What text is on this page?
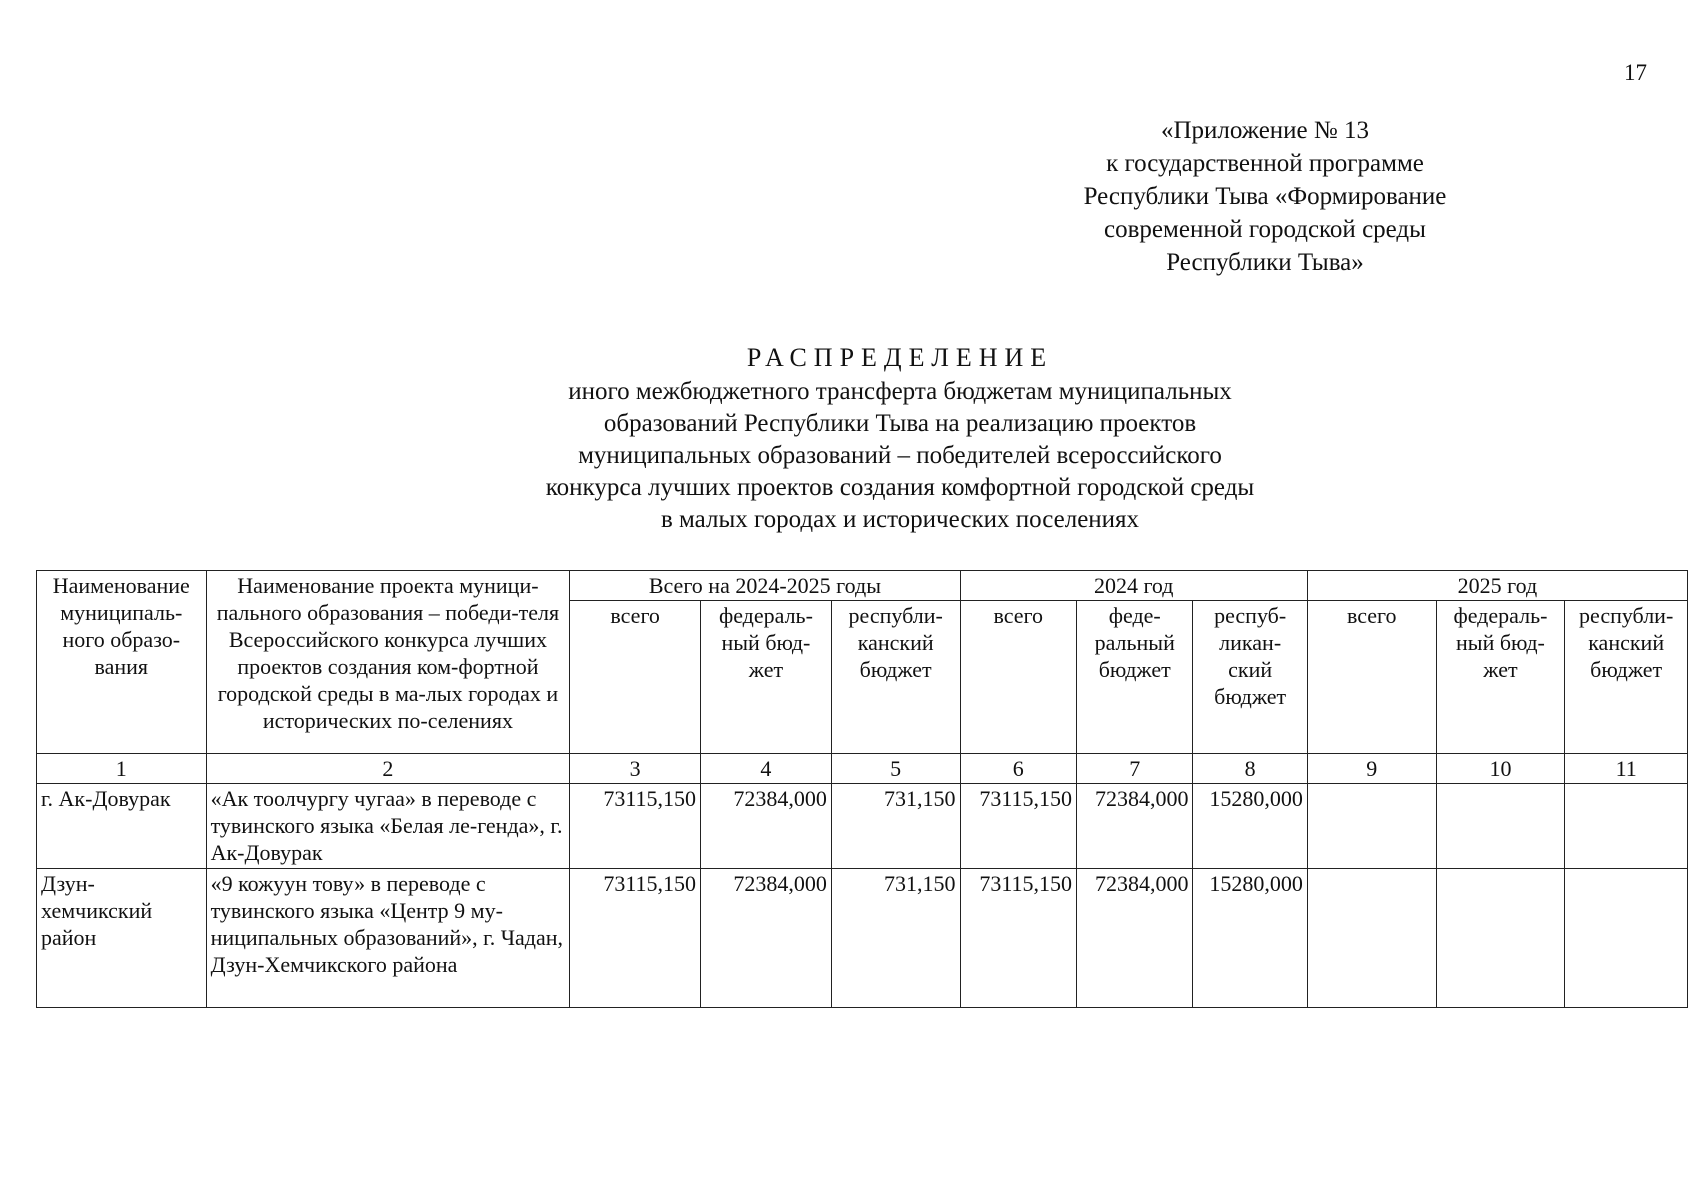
17
«Приложение № 13
к государственной программе
Республики Тыва «Формирование
современной городской среды
Республики Тыва»
РАСПРЕДЕЛЕНИЕ
иного межбюджетного трансферта бюджетам муниципальных
образований Республики Тыва на реализацию проектов
муниципальных образований – победителей всероссийского
конкурса лучших проектов создания комфортной городской среды
в малых городах и исторических поселениях
Наименование муниципаль-ного образо-вания	Наименование проекта муници-пального образования – победи-теля Всероссийского конкурса лучших проектов создания ком-фортной городской среды в ма-лых городах и исторических по-селениях	Всего на 2024-2025 годы			2024 год			2025 год		
		всего	федераль-ный бюд-жет	республи-канский бюджет	всего	феде-ральный бюджет	респуб-ликан-ский бюджет	всего	федераль-ный бюд-жет	республи-канский бюджет
1	2	3	4	5	6	7	8	9	10	11
г. Ак-Довурак	«Ак тоолчургу чугаа» в переводе с тувинского языка «Белая ле-генда», г. Ак-Довурак	73115,150	72384,000	731,150	73115,150	72384,000	15280,000			
Дзун-хемчикский район	«9 кожуун тову» в переводе с тувинского языка «Центр 9 му-ниципальных образований», г. Чадан, Дзун-Хемчикского района	73115,150	72384,000	731,150	73115,150	72384,000	15280,000			
